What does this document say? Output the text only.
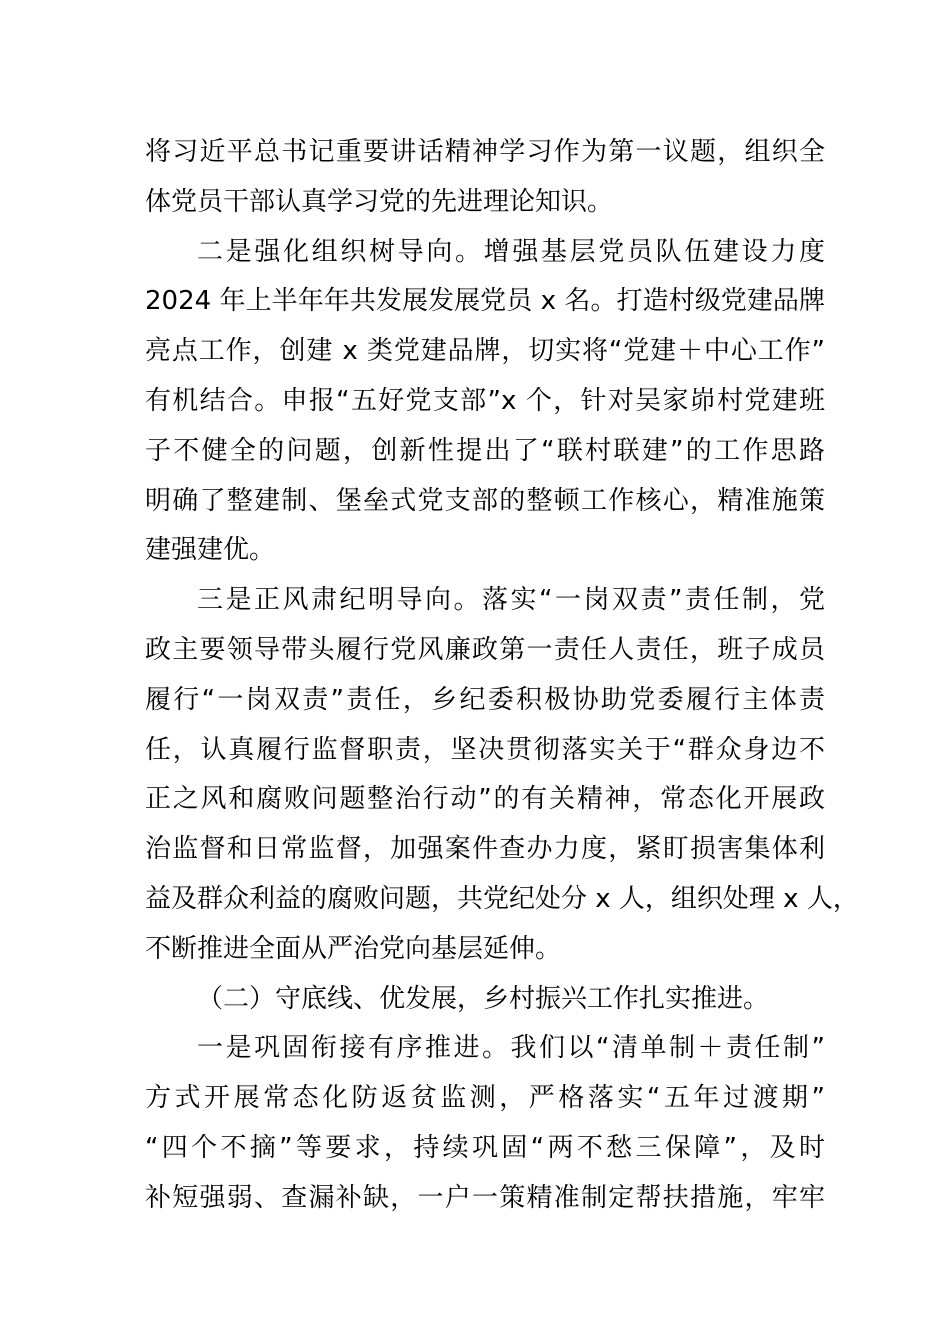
将习近平总书记重要讲话精神学习作为第一议题，组织全
体党员干部认真学习党的先进理论知识。
二是强化组织树导向。增强基层党员队伍建设力度
2024 年上半年年共发展发展党员 x 名。打造村级党建品牌
亮点工作，创建 x 类党建品牌，切实将“党建＋中心工作”
有机结合。申报“五好党支部”x 个，针对吴家峁村党建班
子不健全的问题，创新性提出了“联村联建”的工作思路
明确了整建制、堡垒式党支部的整顿工作核心，精准施策
建强建优。
三是正风肃纪明导向。落实“一岗双责”责任制，党
政主要领导带头履行党风廉政第一责任人责任，班子成员
履行“一岗双责”责任，乡纪委积极协助党委履行主体责
任，认真履行监督职责，坚决贯彻落实关于“群众身边不
正之风和腐败问题整治行动”的有关精神，常态化开展政
治监督和日常监督，加强案件查办力度，紧盯损害集体利
益及群众利益的腐败问题，共党纪处分 x 人，组织处理 x 人，
不断推进全面从严治党向基层延伸。
（二）守底线、优发展，乡村振兴工作扎实推进。
一是巩固衔接有序推进。我们以“清单制＋责任制”
方式开展常态化防返贫监测，严格落实“五年过渡期”
“四个不摘”等要求，持续巩固“两不愁三保障”，及时
补短强弱、查漏补缺，一户一策精准制定帮扶措施，牢牢
